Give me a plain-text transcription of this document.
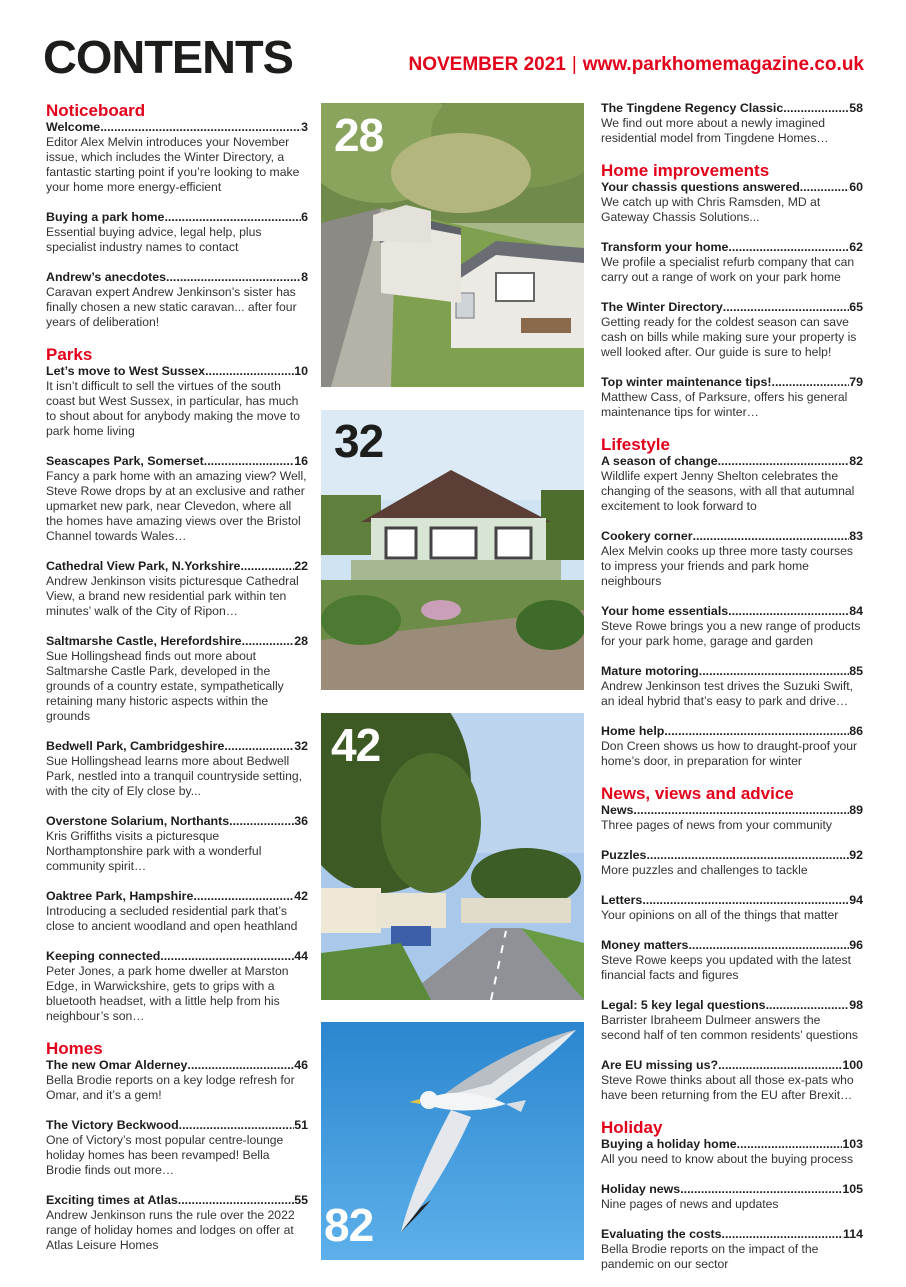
CONTENTS	NOVEMBER 2021 | www.parkhomemagazine.co.uk
Noticeboard
Welcome .....	3
Editor Alex Melvin introduces your November issue, which includes the Winter Directory, a fantastic starting point if you’re looking to make your home more energy-efficient
Buying a park home .....	6
Essential buying advice, legal help, plus specialist industry names to contact
Andrew’s anecdotes .....	8
Caravan expert Andrew Jenkinson’s sister has finally chosen a new static caravan... after four years of deliberation!
Parks
Let’s move to West Sussex .....	10
It isn’t difficult to sell the virtues of the south coast but West Sussex, in particular, has much to shout about for anybody making the move to park home living
Seascapes Park, Somerset .....	16
Fancy a park home with an amazing view? Well, Steve Rowe drops by at an exclusive and rather upmarket new park, near Clevedon, where all the homes have amazing views over the Bristol Channel towards Wales…
Cathedral View Park, N.Yorkshire .....	22
Andrew Jenkinson visits picturesque Cathedral View, a brand new residential park within ten minutes’ walk of the City of Ripon…
Saltmarshe Castle, Herefordshire .....	28
Sue Hollingshead finds out more about Saltmarshe Castle Park, developed in the grounds of a country estate, sympathetically retaining many historic aspects within the grounds
Bedwell Park, Cambridgeshire .....	32
Sue Hollingshead learns more about Bedwell Park, nestled into a tranquil countryside setting, with the city of Ely close by...
Overstone Solarium, Northants .....	36
Kris Griffiths visits a picturesque Northamptonshire park with a wonderful community spirit…
Oaktree Park, Hampshire .....	42
Introducing a secluded residential park that’s close to ancient woodland and open heathland
Keeping connected .....	44
Peter Jones, a park home dweller at Marston Edge, in Warwickshire, gets to grips with a bluetooth headset, with a little help from his neighbour’s son…
Homes
The new Omar Alderney .....	46
Bella Brodie reports on a key lodge refresh for Omar, and it’s a gem!
The Victory Beckwood .....	51
One of Victory’s most popular centre-lounge holiday homes has been revamped! Bella Brodie finds out more…
Exciting times at Atlas .....	55
Andrew Jenkinson runs the rule over the 2022 range of holiday homes and lodges on offer at Atlas Leisure Homes
The Tingdene Regency Classic .....	58
We find out more about a newly imagined residential model from Tingdene Homes…
Home improvements
Your chassis questions answered .....	60
We catch up with Chris Ramsden, MD at Gateway Chassis Solutions...
Transform your home .....	62
We profile a specialist refurb company that can carry out a range of work on your park home
The Winter Directory .....	65
Getting ready for the coldest season can save cash on bills while making sure your property is well looked after. Our guide is sure to help!
Top winter maintenance tips! .....	79
Matthew Cass, of Parksure, offers his general maintenance tips for winter…
Lifestyle
A season of change .....	82
Wildlife expert Jenny Shelton celebrates the changing of the seasons, with all that autumnal excitement to look forward to
Cookery corner .....	83
Alex Melvin cooks up three more tasty courses to impress your friends and park home neighbours
Your home essentials .....	84
Steve Rowe brings you a new range of products for your park home, garage and garden
Mature motoring .....	85
Andrew Jenkinson test drives the Suzuki Swift, an ideal hybrid that’s easy to park and drive…
Home help .....	86
Don Creen shows us how to draught-proof your home’s door, in preparation for winter
News, views and advice
News .....	89
Three pages of news from your community
Puzzles .....	92
More puzzles and challenges to tackle
Letters .....	94
Your opinions on all of the things that matter
Money matters .....	96
Steve Rowe keeps you updated with the latest financial facts and figures
Legal: 5 key legal questions .....	98
Barrister Ibraheem Dulmeer answers the second half of ten common residents’ questions
Are EU missing us? .....	100
Steve Rowe thinks about all those ex-pats who have been returning from the EU after Brexit…
Holiday
Buying a holiday home .....	103
All you need to know about the buying process
Holiday news .....	105
Nine pages of news and updates
Evaluating the costs .....	114
Bella Brodie reports on the impact of the pandemic on our sector
28
32
42
82
